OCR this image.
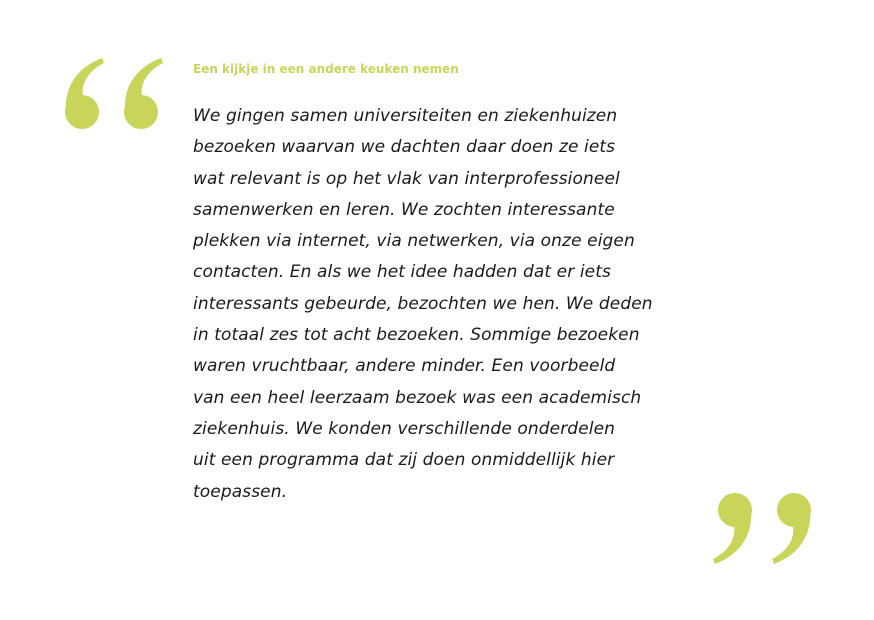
Een kijkje in een andere keuken nemen
We gingen samen universiteiten en ziekenhuizen
bezoeken waarvan we dachten daar doen ze iets
wat relevant is op het vlak van interprofessioneel
samenwerken en leren. We zochten interessante
plekken via internet, via netwerken, via onze eigen
contacten. En als we het idee hadden dat er iets
interessants gebeurde, bezochten we hen. We deden
in totaal zes tot acht bezoeken. Sommige bezoeken
waren vruchtbaar, andere minder. Een voorbeeld
van een heel leerzaam bezoek was een academisch
ziekenhuis. We konden verschillende onderdelen
uit een programma dat zij doen onmiddellijk hier
toepassen.
